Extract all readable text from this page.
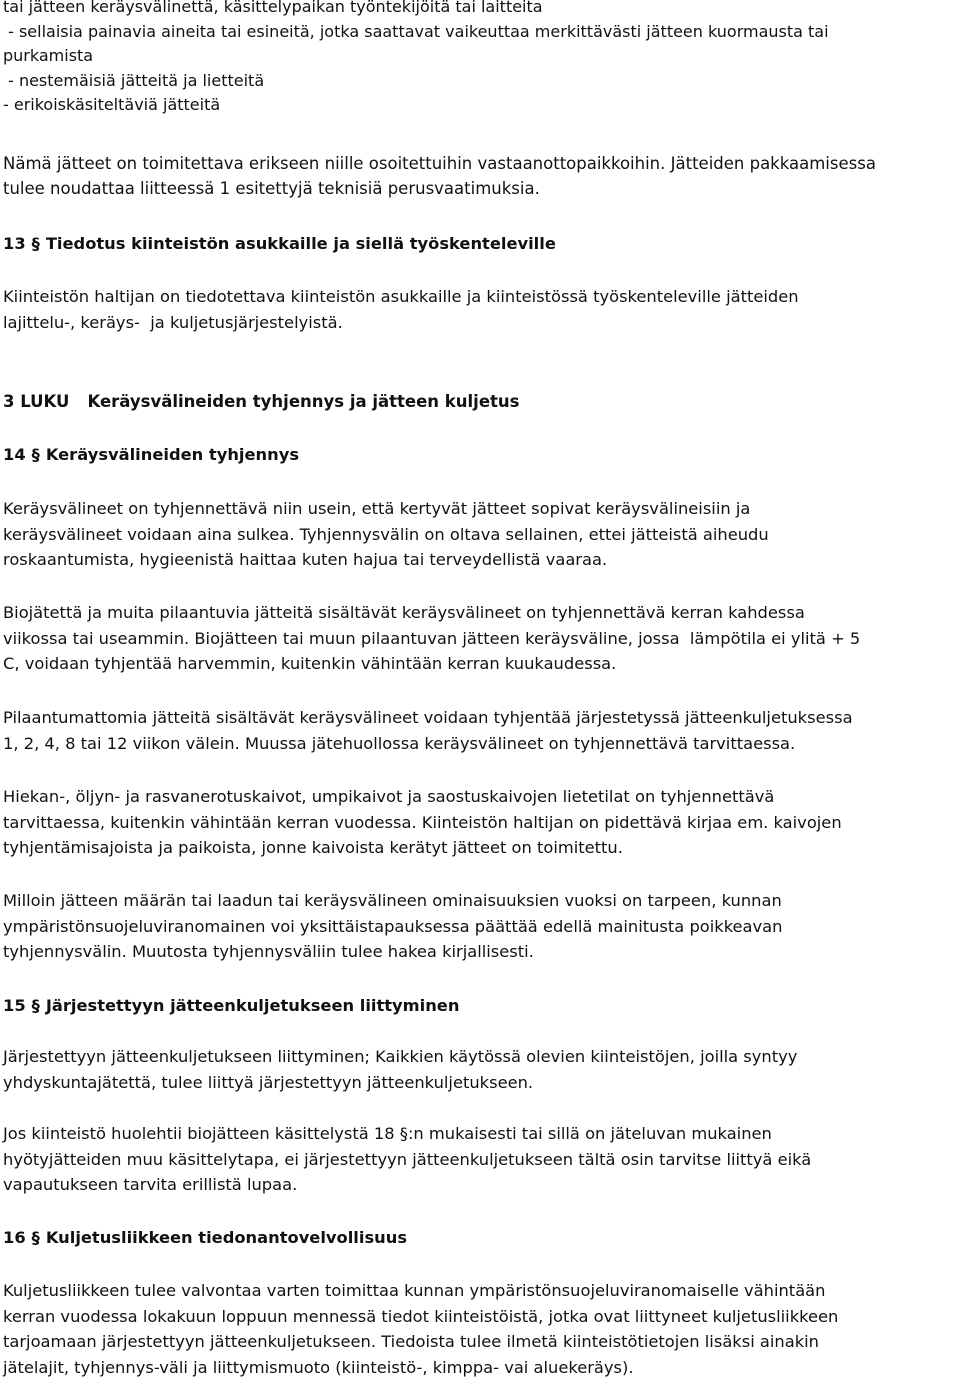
tai jätteen keräysvälinettä, käsittelypaikan työntekijöitä tai laitteita
- sellaisia painavia aineita tai esineitä, jotka saattavat vaikeuttaa merkittävästi jätteen kuormausta tai
purkamista
- nestemäisiä jätteitä ja lietteitä
- erikoiskäsiteltäviä jätteitä
Nämä jätteet on toimitettava erikseen niille osoitettuihin vastaanottopaikkoihin. Jätteiden pakkaamisessa
tulee noudattaa liitteessä 1 esitettyjä teknisiä perusvaatimuksia.
13 § Tiedotus kiinteistön asukkaille ja siellä työskenteleville
Kiinteistön haltijan on tiedotettava kiinteistön asukkaille ja kiinteistössä työskenteleville jätteiden
lajittelu-, keräys-  ja kuljetusjärjestelyistä.
3 LUKU Keräysvälineiden tyhjennys ja jätteen kuljetus
14 § Keräysvälineiden tyhjennys
Keräysvälineet on tyhjennettävä niin usein, että kertyvät jätteet sopivat keräysvälineisiin ja
keräysvälineet voidaan aina sulkea. Tyhjennysvälin on oltava sellainen, ettei jätteistä aiheudu
roskaantumista, hygieenistä haittaa kuten hajua tai terveydellistä vaaraa.
Biojätettä ja muita pilaantuvia jätteitä sisältävät keräysvälineet on tyhjennettävä kerran kahdessa
viikossa tai useammin. Biojätteen tai muun pilaantuvan jätteen keräysväline, jossa  lämpötila ei ylitä + 5
C, voidaan tyhjentää harvemmin, kuitenkin vähintään kerran kuukaudessa.
Pilaantumattomia jätteitä sisältävät keräysvälineet voidaan tyhjentää järjestetyssä jätteenkuljetuksessa
1, 2, 4, 8 tai 12 viikon välein. Muussa jätehuollossa keräysvälineet on tyhjennettävä tarvittaessa.
Hiekan-, öljyn- ja rasvanerotuskaivot, umpikaivot ja saostuskaivojen lietetilat on tyhjennettävä
tarvittaessa, kuitenkin vähintään kerran vuodessa. Kiinteistön haltijan on pidettävä kirjaa em. kaivojen
tyhjentämisajoista ja paikoista, jonne kaivoista kerätyt jätteet on toimitettu.
Milloin jätteen määrän tai laadun tai keräysvälineen ominaisuuksien vuoksi on tarpeen, kunnan
ympäristönsuojeluviranomainen voi yksittäistapauksessa päättää edellä mainitusta poikkeavan
tyhjennysvälin. Muutosta tyhjennysväliin tulee hakea kirjallisesti.
15 § Järjestettyyn jätteenkuljetukseen liittyminen
Järjestettyyn jätteenkuljetukseen liittyminen; Kaikkien käytössä olevien kiinteistöjen, joilla syntyy
yhdyskuntajätettä, tulee liittyä järjestettyyn jätteenkuljetukseen.
Jos kiinteistö huolehtii biojätteen käsittelystä 18 §:n mukaisesti tai sillä on jäteluvan mukainen
hyötyjätteiden muu käsittelytapa, ei järjestettyyn jätteenkuljetukseen tältä osin tarvitse liittyä eikä
vapautukseen tarvita erillistä lupaa.
16 § Kuljetusliikkeen tiedonantovelvollisuus
Kuljetusliikkeen tulee valvontaa varten toimittaa kunnan ympäristönsuojeluviranomaiselle vähintään
kerran vuodessa lokakuun loppuun mennessä tiedot kiinteistöistä, jotka ovat liittyneet kuljetusliikkeen
tarjoamaan järjestettyyn jätteenkuljetukseen. Tiedoista tulee ilmetä kiinteistötietojen lisäksi ainakin
jätelajit, tyhjennys-väli ja liittymismuoto (kiinteistö-, kimppa- vai aluekeräys).
